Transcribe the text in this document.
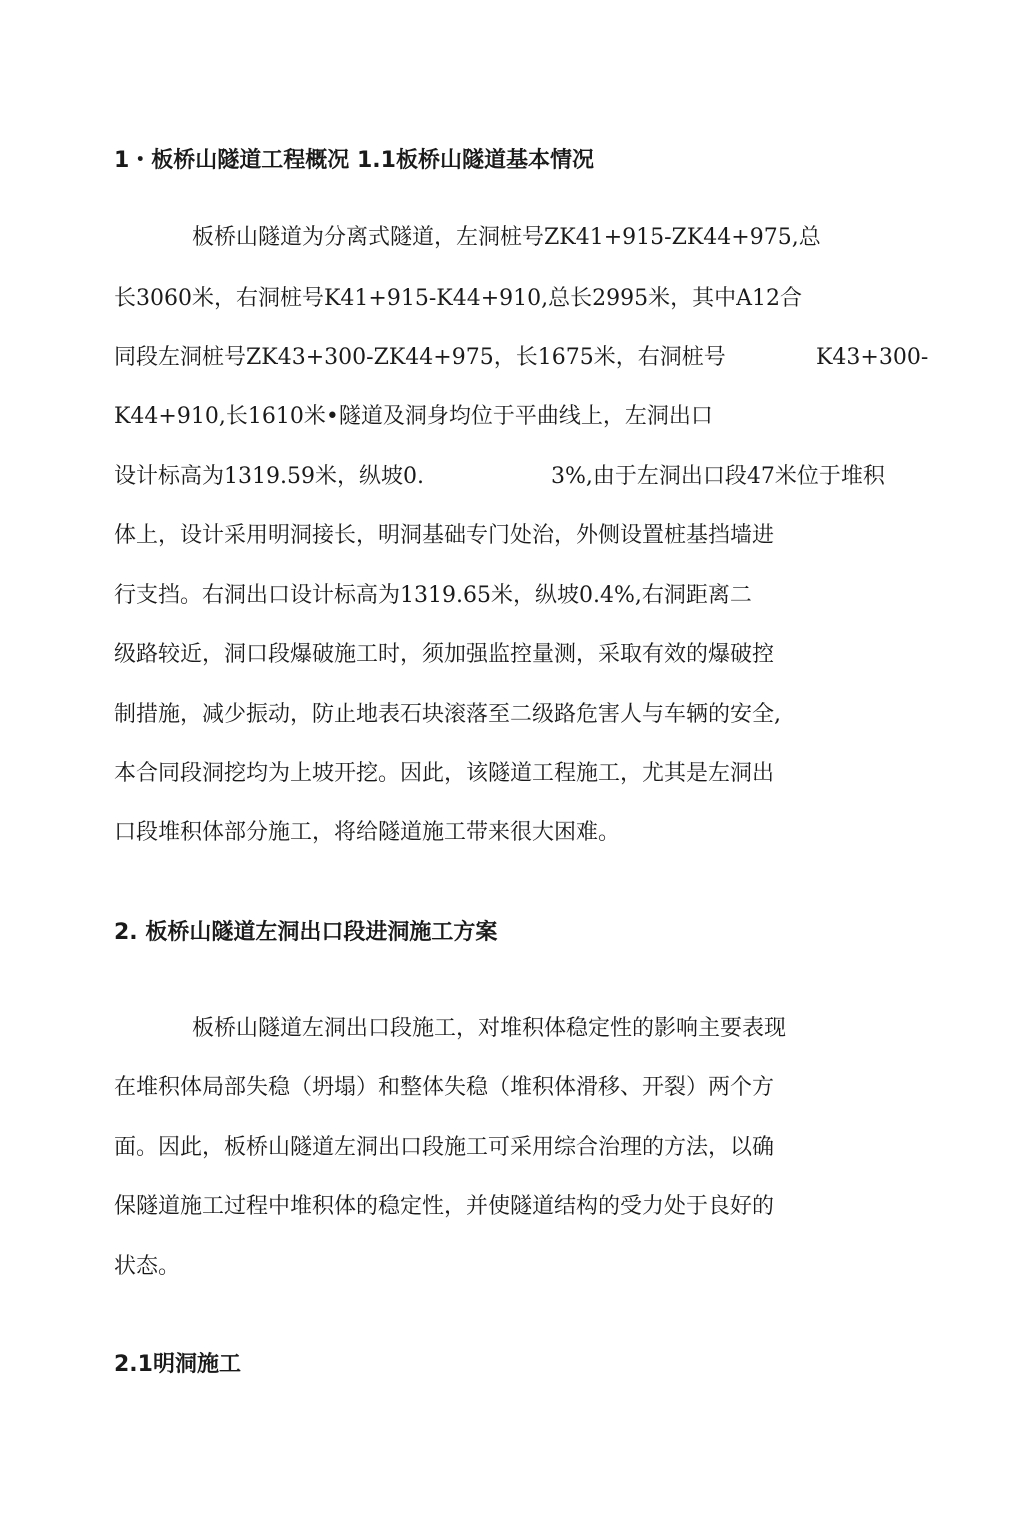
1・板桥山隧道工程概况 1.1板桥山隧道基本情况
板桥山隧道为分离式隧道，左洞桩号ZK41+915-ZK44+975,总
长3060米，右洞桩号K41+915-K44+910,总长2995米，其中A12合
同段左洞桩号ZK43+300-ZK44+975，长1675米，右洞桩号	K43+300-
K44+910,长1610米•隧道及洞身均位于平曲线上，左洞出口
设计标高为1319.59米，纵坡0.	3%,由于左洞出口段47米位于堆积
体上，设计采用明洞接长，明洞基础专门处治，外侧设置桩基挡墙进
行支挡。右洞出口设计标高为1319.65米，纵坡0.4%,右洞距离二
级路较近，洞口段爆破施工时，须加强监控量测，采取有效的爆破控
制措施，减少振动，防止地表石块滚落至二级路危害人与车辆的安全,
本合同段洞挖均为上坡开挖。因此，该隧道工程施工，尤其是左洞出
口段堆积体部分施工，将给隧道施工带来很大困难。
2. 板桥山隧道左洞出口段进洞施工方案
板桥山隧道左洞出口段施工，对堆积体稳定性的影响主要表现
在堆积体局部失稳（坍塌）和整体失稳（堆积体滑移、开裂）两个方
面。因此，板桥山隧道左洞出口段施工可采用综合治理的方法，以确
保隧道施工过程中堆积体的稳定性，并使隧道结构的受力处于良好的
状态。
2.1明洞施工
